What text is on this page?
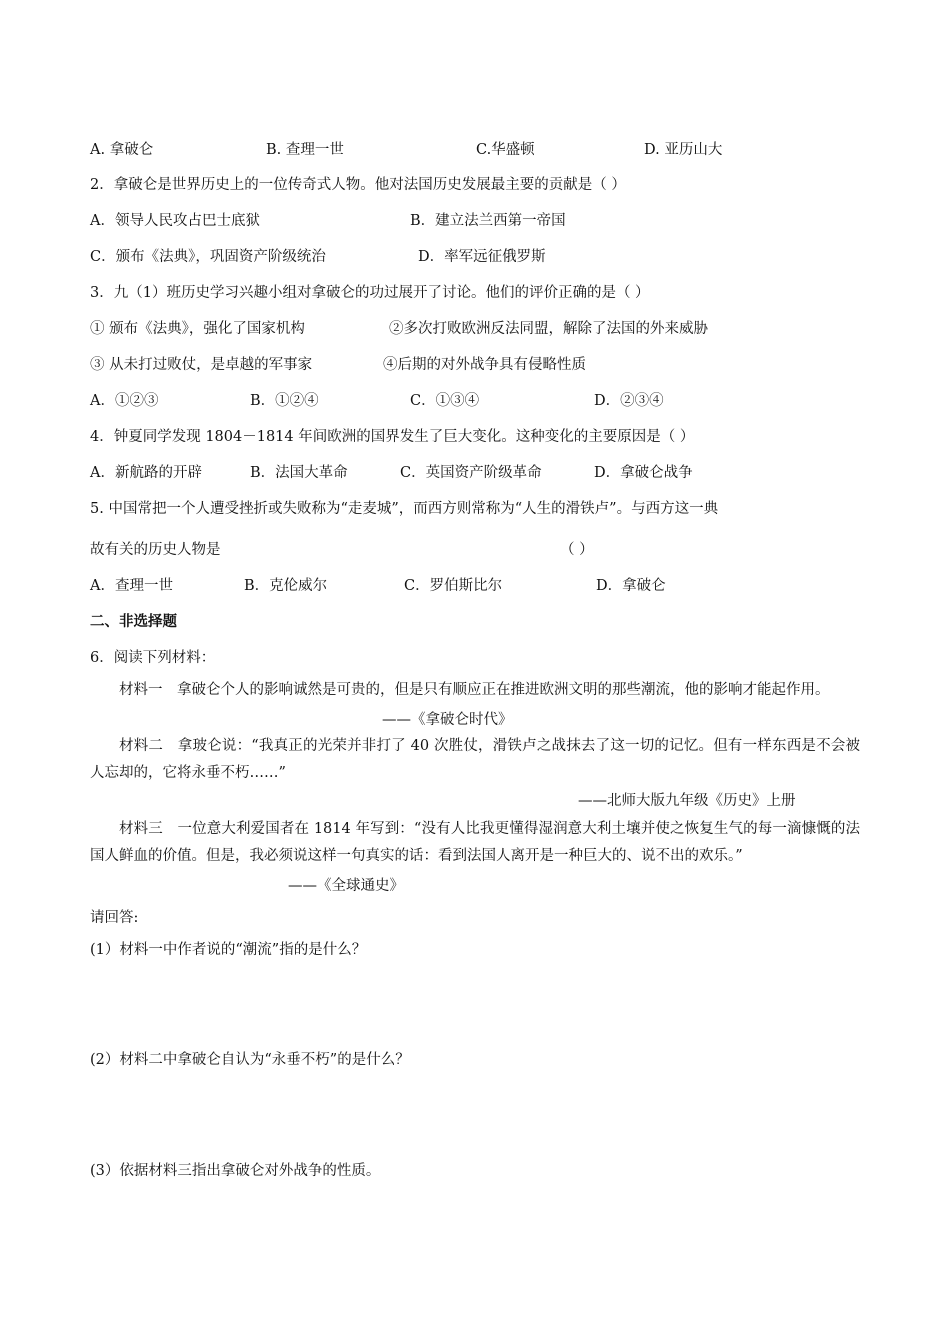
A. 拿破仑	B. 查理一世	C.华盛顿	D. 亚历山大
2．拿破仑是世界历史上的一位传奇式人物。他对法国历史发展最主要的贡献是（ ）
A．领导人民攻占巴士底狱	B．建立法兰西第一帝国
C．颁布《法典》，巩固资产阶级统治	D．率军远征俄罗斯
3．九（1）班历史学习兴趣小组对拿破仑的功过展开了讨论。他们的评价正确的是（ ）
① 颁布《法典》，强化了国家机构	②多次打败欧洲反法同盟，解除了法国的外来威胁
③ 从未打过败仗，是卓越的军事家	④后期的对外战争具有侵略性质
A．①②③	B．①②④	C．①③④	D．②③④
4．钟夏同学发现 1804－1814 年间欧洲的国界发生了巨大变化。这种变化的主要原因是（ ）
A．新航路的开辟	B．法国大革命	C．英国资产阶级革命	D．拿破仑战争
5. 中国常把一个人遭受挫折或失败称为“走麦城”，而西方则常称为“人生的滑铁卢”。与西方这一典
故有关的历史人物是	（ ）
A．查理一世	B．克伦威尔	C．罗伯斯比尔	D．拿破仑
二、非选择题
6．阅读下列材料：
材料一　拿破仑个人的影响诚然是可贵的，但是只有顺应正在推进欧洲文明的那些潮流，他的影响才能起作用。
——《拿破仑时代》
材料二　拿玻仑说：“我真正的光荣并非打了 40 次胜仗，滑铁卢之战抹去了这一切的记忆。但有一样东西是不会被人忘却的，它将永垂不朽……”
——北师大版九年级《历史》上册
材料三　一位意大利爱国者在 1814 年写到：“没有人比我更懂得湿润意大利土壤并使之恢复生气的每一滴慷慨的法国人鲜血的价值。但是，我必须说这样一句真实的话：看到法国人离开是一种巨大的、说不出的欢乐。”
——《全球通史》
请回答:
(1）材料一中作者说的“潮流”指的是什么？
(2）材料二中拿破仑自认为“永垂不朽”的是什么？
(3）依据材料三指出拿破仑对外战争的性质。
